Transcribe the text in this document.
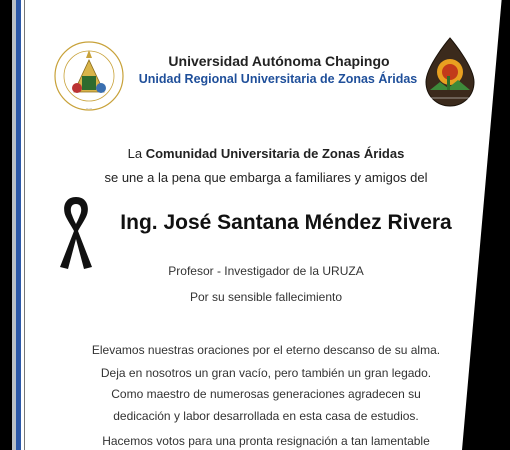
·····
Universidad Autónoma Chapingo
Unidad Regional Universitaria de Zonas Áridas
La Comunidad Universitaria de Zonas Áridas
se une a la pena que embarga a familiares y amigos del
Ing. José Santana Méndez Rivera
Profesor - Investigador de la URUZA
Por su sensible fallecimiento
Elevamos nuestras oraciones por el eterno descanso de su alma.
Deja en nosotros un gran vacío, pero también un gran legado.
Como maestro de numerosas generaciones agradecen su
dedicación y labor desarrollada en esta casa de estudios.
Hacemos votos para una pronta resignación a tan lamentable
